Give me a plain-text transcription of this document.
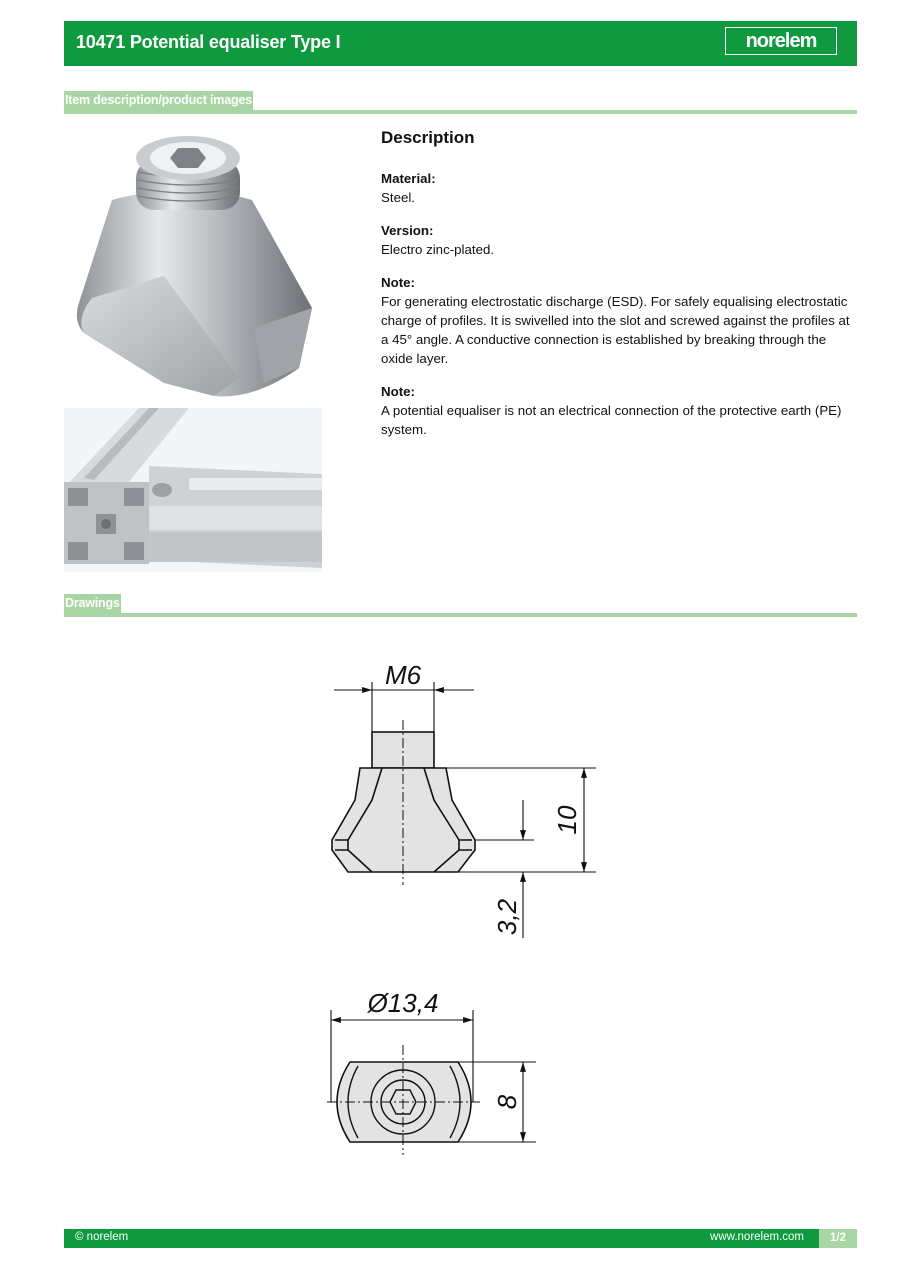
10471 Potential equaliser Type I	norelem
Item description/product images
Description
Material:
Steel.
Version:
Electro zinc-plated.
Note:
For generating electrostatic discharge (ESD). For safely equalising electrostatic charge of profiles. It is swivelled into the slot and screwed against the profiles at a 45° angle. A conductive connection is established by breaking through the oxide layer.
Note:
A potential equaliser is not an electrical connection of the protective earth (PE) system.
Drawings
M6
10
3,2
Ø13,4
8
© norelem	www.norelem.com	1/2
